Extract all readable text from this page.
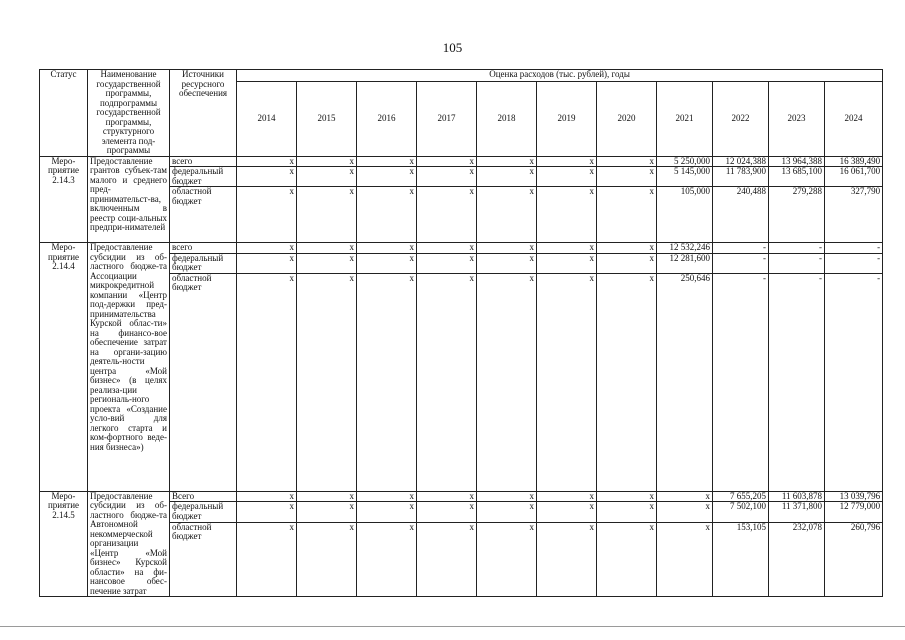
105
Статус	Наименование государственной программы, подпрограммы государственной программы, структурного элемента под-программы	Источники ресурсного обеспечения	Оценка расходов (тыс. рублей), годы										
			2014	2015	2016	2017	2018	2019	2020	2021	2022	2023	2024
Меро-приятие 2.14.3	Предоставление грантов субъек-там малого и среднего пред-принимательст-ва, включенным в реестр соци-альных предпри-нимателей	всего	x	x	x	x	x	x	x	5 250,000	12 024,388	13 964,388	16 389,490
		федеральный бюджет	x	x	x	x	x	x	x	5 145,000	11 783,900	13 685,100	16 061,700
		областной бюджет	x	x	x	x	x	x	x	105,000	240,488	279,288	327,790
Меро-приятие 2.14.4	Предоставление субсидии из об-ластного бюдже-та Ассоциации микрокредитной компании «Центр под-держки пред-принимательства Курской облас-ти» на финансо-вое обеспечение затрат на органи-зацию деятель-ности центра «Мой бизнес» (в целях реализа-ции региональ-ного проекта «Создание усло-вий для легкого старта и ком-фортного веде-ния бизнеса»)	всего	x	x	x	x	x	x	x	12 532,246	-	-	-
		федеральный бюджет	x	x	x	x	x	x	x	12 281,600	-	-	-
		областной бюджет	x	x	x	x	x	x	x	250,646	-	-	-
Меро-приятие 2.14.5	Предоставление субсидии из об-ластного бюдже-та Автономной некоммерческой организации «Центр «Мой бизнес» Курской области» на фи-нансовое обес-печение затрат	Всего	x	x	x	x	x	x	x	x	7 655,205	11 603,878	13 039,796
		федеральный бюджет	x	x	x	x	x	x	x	x	7 502,100	11 371,800	12 779,000
		областной бюджет	x	x	x	x	x	x	x	x	153,105	232,078	260,796
